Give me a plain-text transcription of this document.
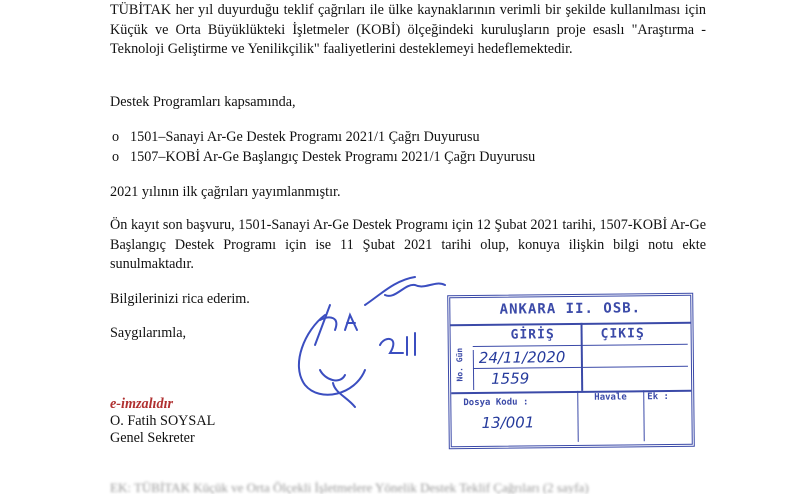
TÜBİTAK her yıl duyurduğu teklif çağrıları ile ülke kaynaklarının verimli bir şekilde kullanılması için Küçük ve Orta Büyüklükteki İşletmeler (KOBİ) ölçeğindeki kuruluşların proje esaslı "Araştırma - Teknoloji Geliştirme ve Yenilikçilik" faaliyetlerini desteklemeyi hedeflemektedir.
Destek Programları kapsamında,
o 1501–Sanayi Ar-Ge Destek Programı 2021/1 Çağrı Duyurusu
o 1507–KOBİ Ar-Ge Başlangıç Destek Programı 2021/1 Çağrı Duyurusu
2021 yılının ilk çağrıları yayımlanmıştır.
Ön kayıt son başvuru, 1501-Sanayi Ar-Ge Destek Programı için 12 Şubat 2021 tarihi, 1507-KOBİ Ar-Ge Başlangıç Destek Programı için ise 11 Şubat 2021 tarihi olup, konuya ilişkin bilgi notu ekte sunulmaktadır.
Bilgilerinizi rica ederim.
Saygılarımla,
ANKARA II. OSB.
GİRİŞ	ÇIKIŞ
No. Gün
Dosya Kodu :	Havale Ek :
24/11/2020
1559
13/001
e-imzalıdır
O. Fatih SOYSAL
Genel Sekreter
EK: TÜBİTAK Küçük ve Orta Ölçekli İşletmelere Yönelik Destek Teklif Çağrıları (2 sayfa)
